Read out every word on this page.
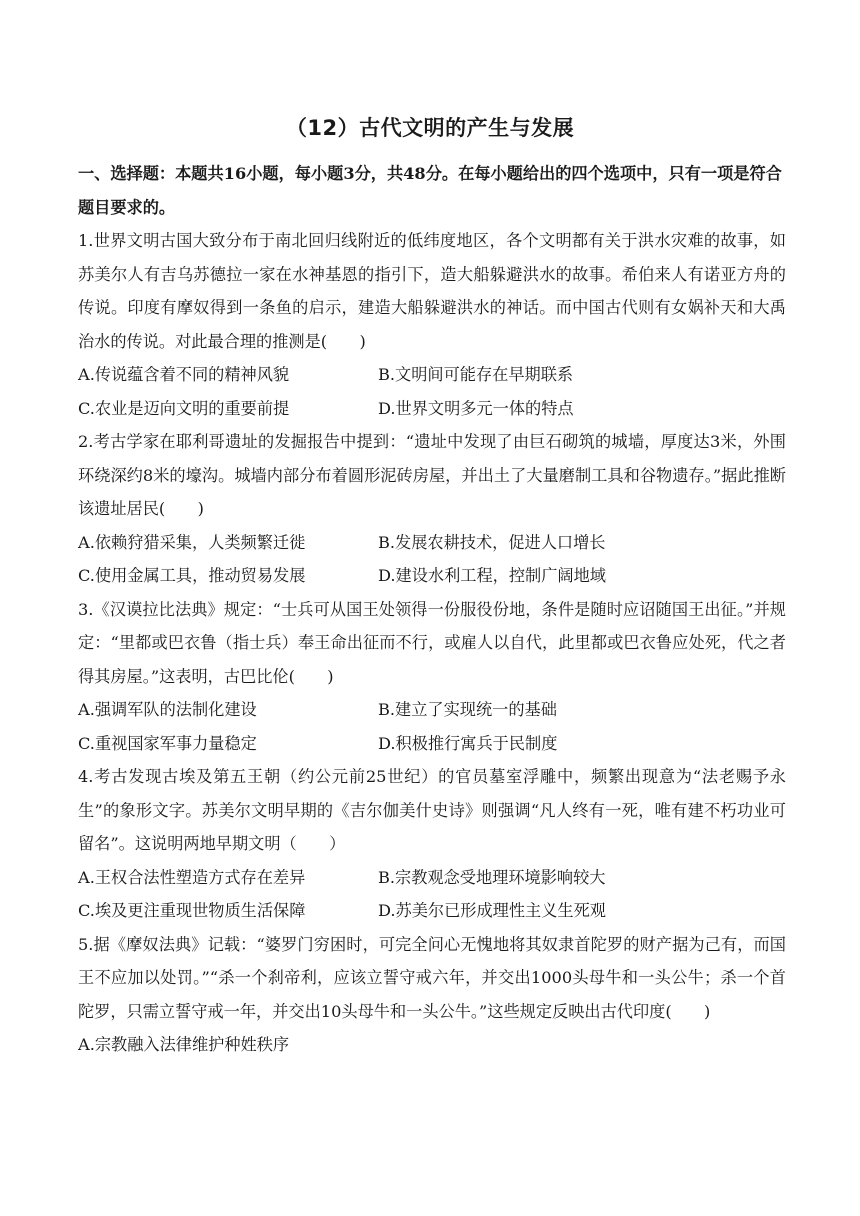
（12）古代文明的产生与发展
一、选择题：本题共16小题，每小题3分，共48分。在每小题给出的四个选项中，只有一项是符合题目要求的。

1.世界文明古国大致分布于南北回归线附近的低纬度地区，各个文明都有关于洪水灾难的故事，如苏美尔人有吉乌苏德拉一家在水神基恩的指引下，造大船躲避洪水的故事。希伯来人有诺亚方舟的传说。印度有摩奴得到一条鱼的启示，建造大船躲避洪水的神话。而中国古代则有女娲补天和大禹治水的传说。对此最合理的推测是(　　)

A.传说蕴含着不同的精神风貌	B.文明间可能存在早期联系
C.农业是迈向文明的重要前提	D.世界文明多元一体的特点

2.考古学家在耶利哥遗址的发掘报告中提到：“遗址中发现了由巨石砌筑的城墙，厚度达3米，外围环绕深约8米的壕沟。城墙内部分布着圆形泥砖房屋，并出土了大量磨制工具和谷物遗存。”据此推断该遗址居民(　　)

A.依赖狩猎采集，人类频繁迁徙	B.发展农耕技术，促进人口增长
C.使用金属工具，推动贸易发展	D.建设水利工程，控制广阔地域

3.《汉谟拉比法典》规定：“士兵可从国王处领得一份服役份地，条件是随时应诏随国王出征。”并规定：“里都或巴衣鲁（指士兵）奉王命出征而不行，或雇人以自代，此里都或巴衣鲁应处死，代之者得其房屋。”这表明，古巴比伦(　　)

A.强调军队的法制化建设	B.建立了实现统一的基础
C.重视国家军事力量稳定	D.积极推行寓兵于民制度

4.考古发现古埃及第五王朝（约公元前25世纪）的官员墓室浮雕中，频繁出现意为“法老赐予永生”的象形文字。苏美尔文明早期的《吉尔伽美什史诗》则强调“凡人终有一死，唯有建不朽功业可留名”。这说明两地早期文明（　　）

A.王权合法性塑造方式存在差异	B.宗教观念受地理环境影响较大
C.埃及更注重现世物质生活保障	D.苏美尔已形成理性主义生死观

5.据《摩奴法典》记载：“婆罗门穷困时，可完全问心无愧地将其奴隶首陀罗的财产据为己有，而国王不应加以处罚。”“杀一个刹帝利，应该立誓守戒六年，并交出1000头母牛和一头公牛；杀一个首陀罗，只需立誓守戒一年，并交出10头母牛和一头公牛。”这些规定反映出古代印度(　　)

A.宗教融入法律维护种姓秩序
